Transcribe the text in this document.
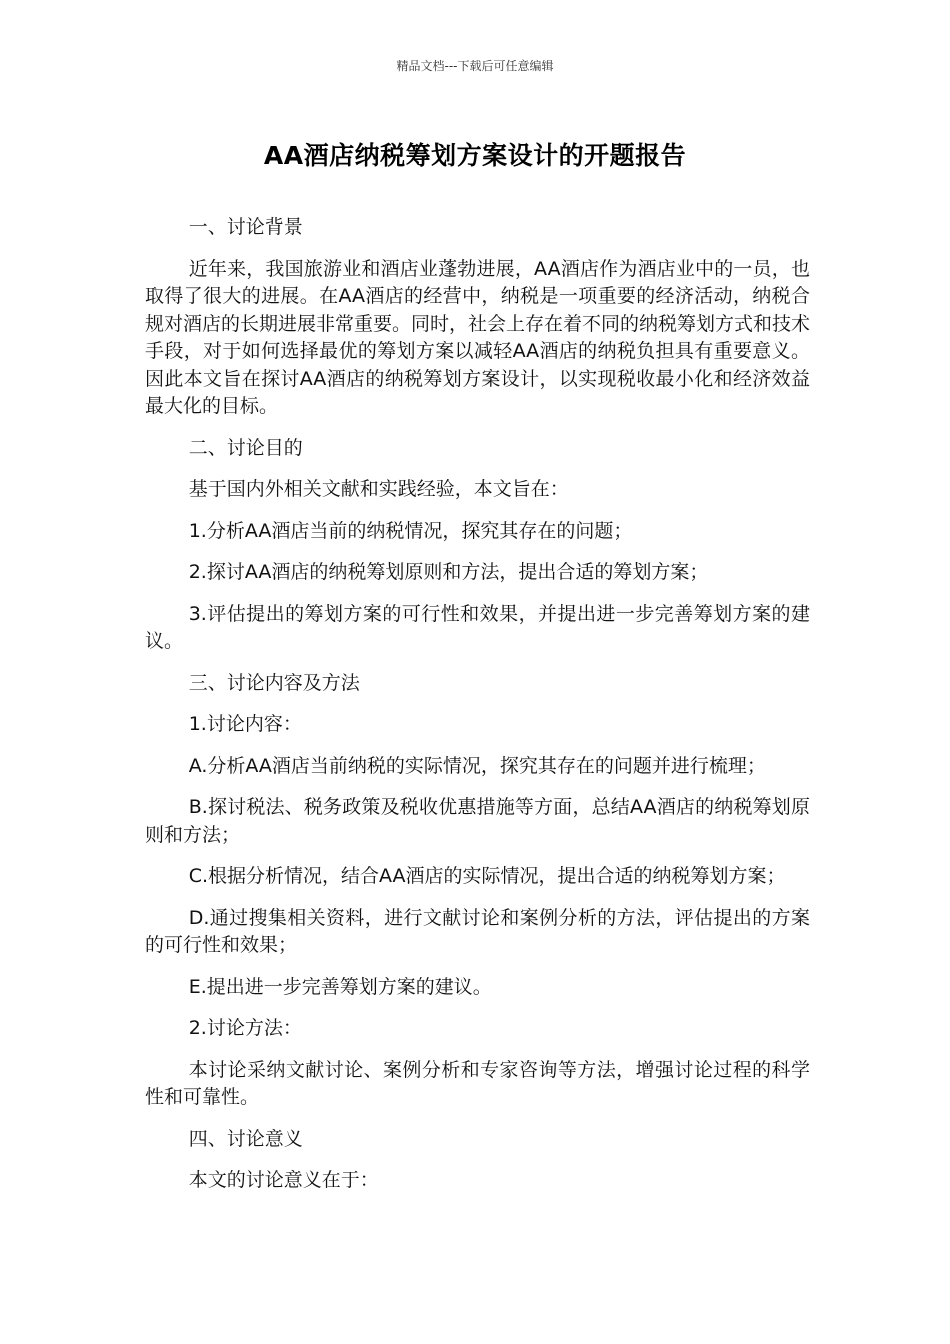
精品文档---下载后可任意编辑
AA酒店纳税筹划方案设计的开题报告

一、讨论背景

近年来，我国旅游业和酒店业蓬勃进展，AA酒店作为酒店业中的一员，也取得了很大的进展。在AA酒店的经营中，纳税是一项重要的经济活动，纳税合规对酒店的长期进展非常重要。同时，社会上存在着不同的纳税筹划方式和技术手段，对于如何选择最优的筹划方案以减轻AA酒店的纳税负担具有重要意义。因此本文旨在探讨AA酒店的纳税筹划方案设计，以实现税收最小化和经济效益最大化的目标。

二、讨论目的

基于国内外相关文献和实践经验，本文旨在：

1.分析AA酒店当前的纳税情况，探究其存在的问题；

2.探讨AA酒店的纳税筹划原则和方法，提出合适的筹划方案；

3.评估提出的筹划方案的可行性和效果，并提出进一步完善筹划方案的建议。

三、讨论内容及方法

1.讨论内容：

A.分析AA酒店当前纳税的实际情况，探究其存在的问题并进行梳理；

B.探讨税法、税务政策及税收优惠措施等方面，总结AA酒店的纳税筹划原则和方法；

C.根据分析情况，结合AA酒店的实际情况，提出合适的纳税筹划方案；

D.通过搜集相关资料，进行文献讨论和案例分析的方法，评估提出的方案的可行性和效果；

E.提出进一步完善筹划方案的建议。

2.讨论方法：

本讨论采纳文献讨论、案例分析和专家咨询等方法，增强讨论过程的科学性和可靠性。

四、讨论意义

本文的讨论意义在于：
